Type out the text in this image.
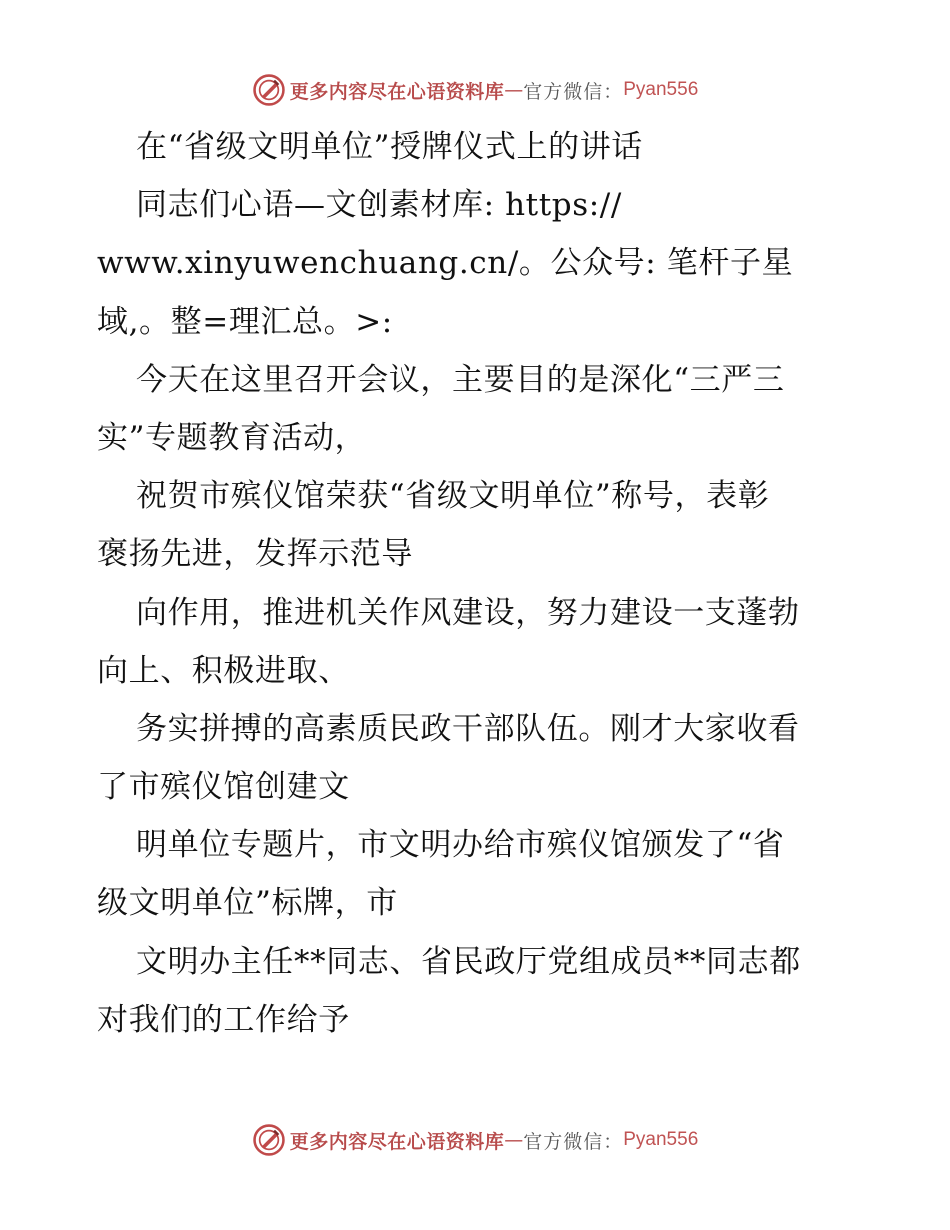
更多内容尽在心语资料库 — 官方微信： Pyan556
在“省级文明单位”授牌仪式上的讲话
同志们心语—文创素材库: https://
www.xinyuwenchuang.cn/。公众号: 笔杆子星
域,。整=理汇总。>:
今天在这里召开会议，主要目的是深化“三严三
实”专题教育活动，
祝贺市殡仪馆荣获“省级文明单位”称号，表彰
褒扬先进，发挥示范导
向作用，推进机关作风建设，努力建设一支蓬勃
向上、积极进取、
务实拼搏的高素质民政干部队伍。刚才大家收看
了市殡仪馆创建文
明单位专题片，市文明办给市殡仪馆颁发了“省
级文明单位”标牌，市
文明办主任**同志、省民政厅党组成员**同志都
对我们的工作给予
更多内容尽在心语资料库 — 官方微信： Pyan556
